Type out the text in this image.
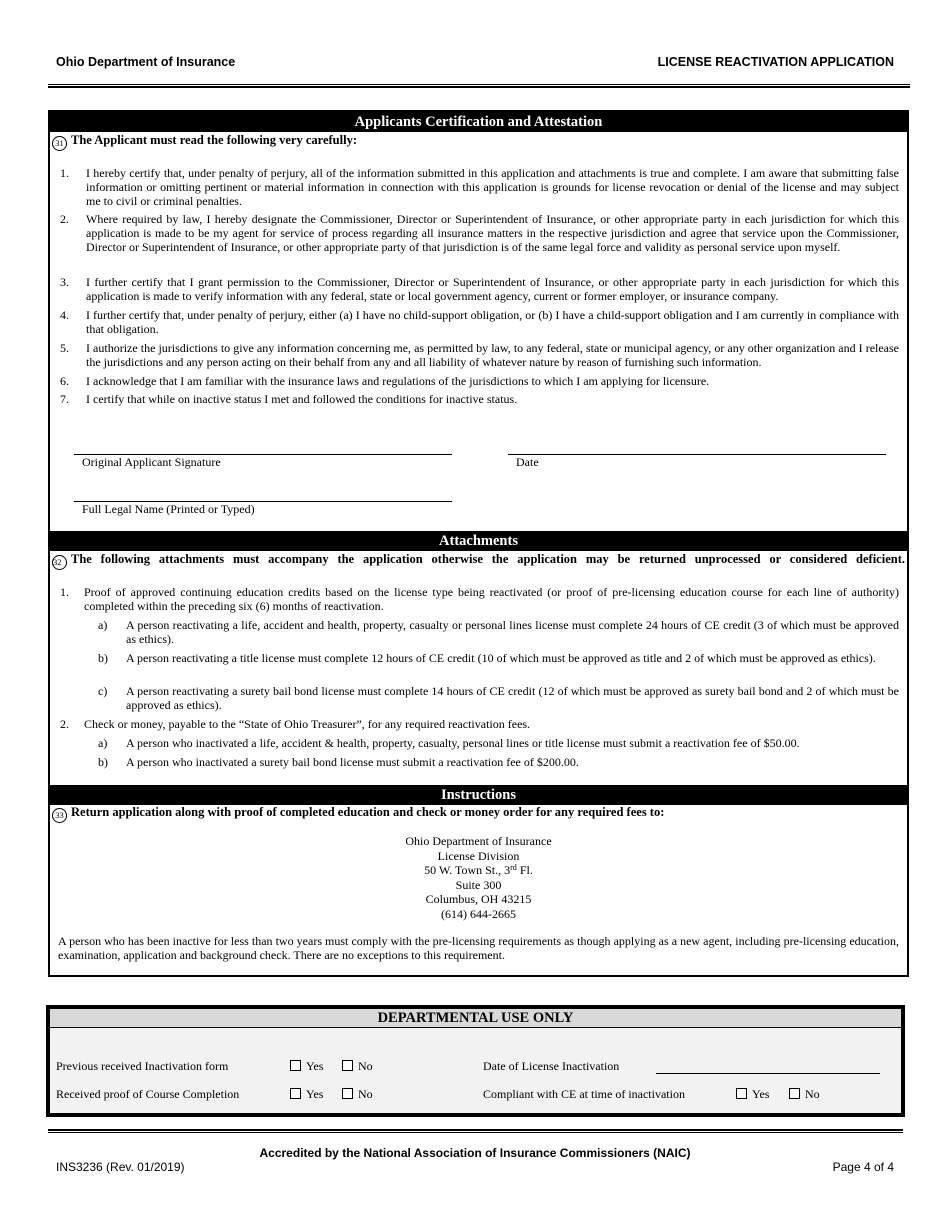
Ohio Department of Insurance	LICENSE REACTIVATION APPLICATION
Applicants Certification and Attestation
31 The Applicant must read the following very carefully:
1. I hereby certify that, under penalty of perjury, all of the information submitted in this application and attachments is true and complete. I am aware that submitting false information or omitting pertinent or material information in connection with this application is grounds for license revocation or denial of the license and may subject me to civil or criminal penalties.
2. Where required by law, I hereby designate the Commissioner, Director or Superintendent of Insurance, or other appropriate party in each jurisdiction for which this application is made to be my agent for service of process regarding all insurance matters in the respective jurisdiction and agree that service upon the Commissioner, Director or Superintendent of Insurance, or other appropriate party of that jurisdiction is of the same legal force and validity as personal service upon myself.
3. I further certify that I grant permission to the Commissioner, Director or Superintendent of Insurance, or other appropriate party in each jurisdiction for which this application is made to verify information with any federal, state or local government agency, current or former employer, or insurance company.
4. I further certify that, under penalty of perjury, either (a) I have no child-support obligation, or (b) I have a child-support obligation and I am currently in compliance with that obligation.
5. I authorize the jurisdictions to give any information concerning me, as permitted by law, to any federal, state or municipal agency, or any other organization and I release the jurisdictions and any person acting on their behalf from any and all liability of whatever nature by reason of furnishing such information.
6. I acknowledge that I am familiar with the insurance laws and regulations of the jurisdictions to which I am applying for licensure.
7. I certify that while on inactive status I met and followed the conditions for inactive status.
Original Applicant Signature	Date
Full Legal Name (Printed or Typed)
Attachments
32 The following attachments must accompany the application otherwise the application may be returned unprocessed or considered deficient.
1. Proof of approved continuing education credits based on the license type being reactivated (or proof of pre-licensing education course for each line of authority) completed within the preceding six (6) months of reactivation.
a) A person reactivating a life, accident and health, property, casualty or personal lines license must complete 24 hours of CE credit (3 of which must be approved as ethics).
b) A person reactivating a title license must complete 12 hours of CE credit (10 of which must be approved as title and 2 of which must be approved as ethics).
c) A person reactivating a surety bail bond license must complete 14 hours of CE credit (12 of which must be approved as surety bail bond and 2 of which must be approved as ethics).
2. Check or money, payable to the “State of Ohio Treasurer”, for any required reactivation fees.
a) A person who inactivated a life, accident & health, property, casualty, personal lines or title license must submit a reactivation fee of $50.00.
b) A person who inactivated a surety bail bond license must submit a reactivation fee of $200.00.
Instructions
33 Return application along with proof of completed education and check or money order for any required fees to:
Ohio Department of Insurance
License Division
50 W. Town St., 3rd Fl.
Suite 300
Columbus, OH 43215
(614) 644-2665
A person who has been inactive for less than two years must comply with the pre-licensing requirements as though applying as a new agent, including pre-licensing education, examination, application and background check. There are no exceptions to this requirement.
DEPARTMENTAL USE ONLY
Previous received Inactivation form	Yes	No	Date of License Inactivation
Received proof of Course Completion	Yes	No	Compliant with CE at time of inactivation	Yes	No
Accredited by the National Association of Insurance Commissioners (NAIC)
INS3236 (Rev. 01/2019)	Page 4 of 4
